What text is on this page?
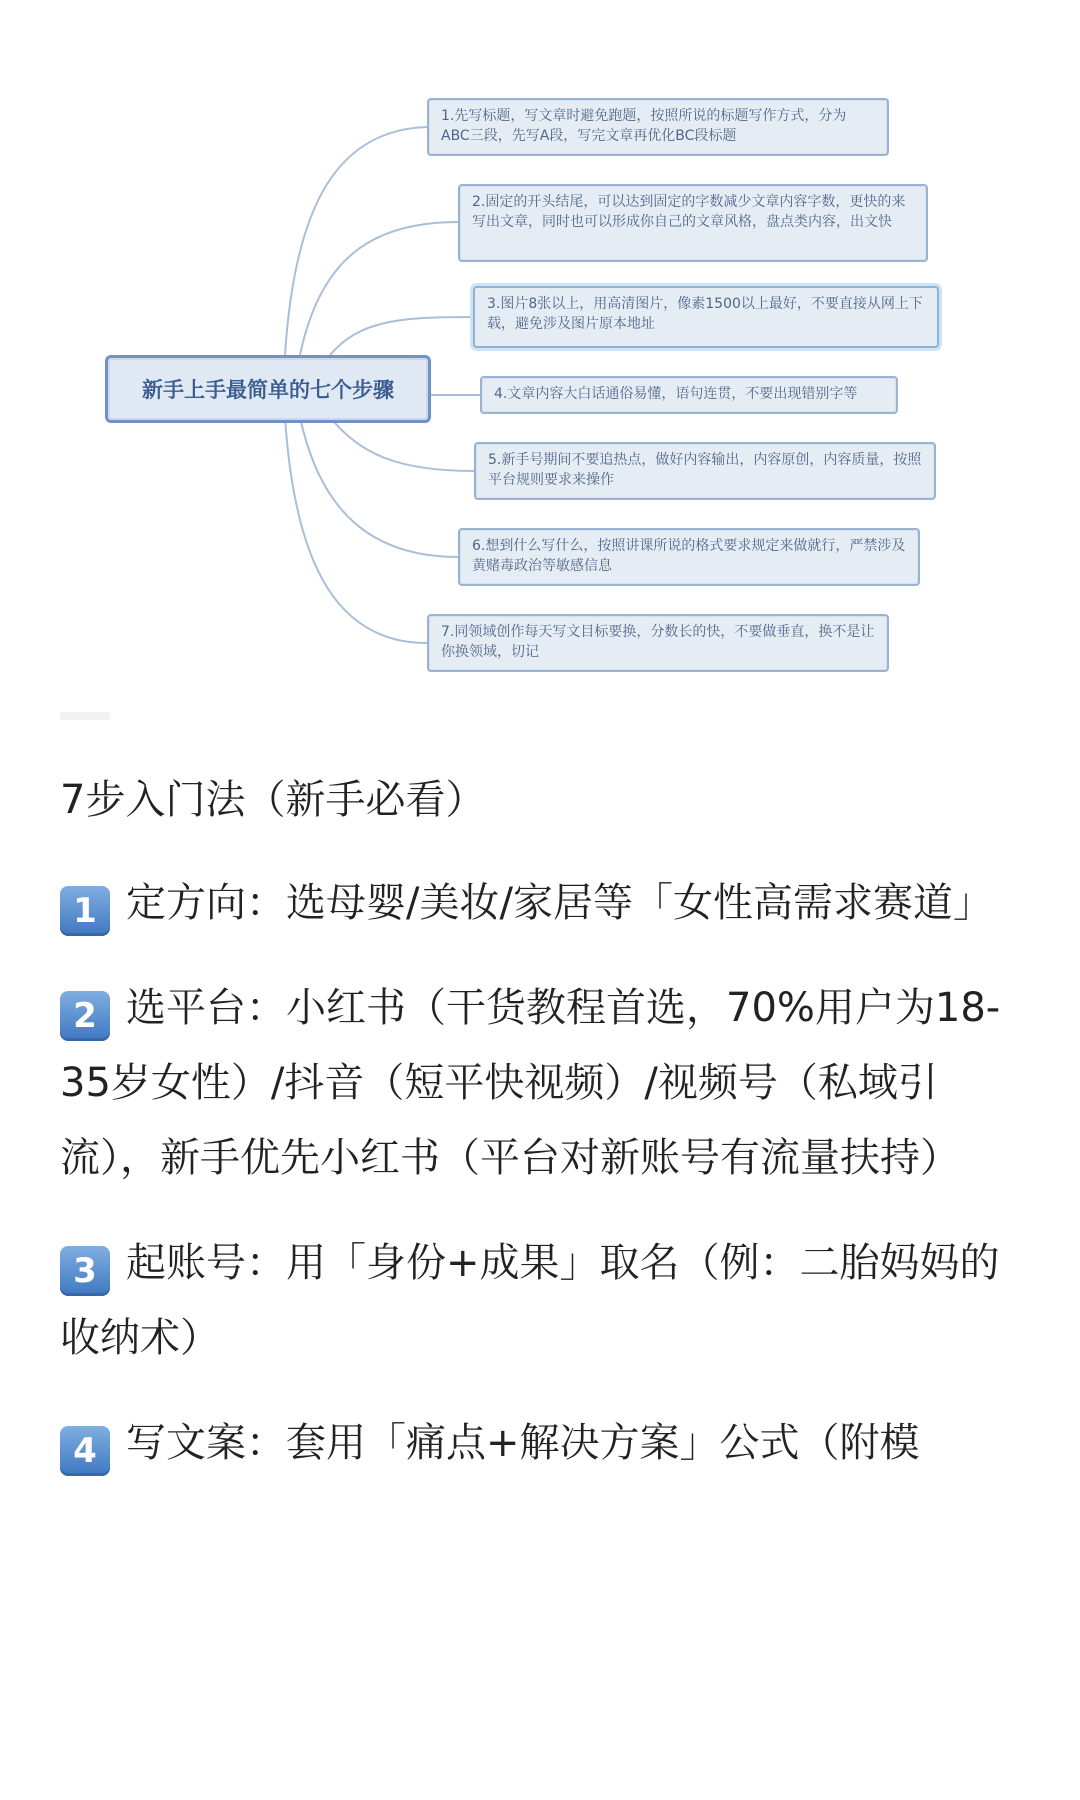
新手上手最简单的七个步骤
1.先写标题，写文章时避免跑题，按照所说的标题写作方式，分为ABC三段，先写A段，写完文章再优化BC段标题
2.固定的开头结尾，可以达到固定的字数减少文章内容字数，更快的来写出文章，同时也可以形成你自己的文章风格，盘点类内容，出文快
3.图片8张以上，用高清图片，像素1500以上最好，不要直接从网上下载，避免涉及图片原本地址
4.文章内容大白话通俗易懂，语句连贯，不要出现错别字等
5.新手号期间不要追热点，做好内容输出，内容原创，内容质量，按照平台规则要求来操作
6.想到什么写什么，按照讲课所说的格式要求规定来做就行，严禁涉及黄赌毒政治等敏感信息
7.同领域创作每天写文目标要换，分数长的快，不要做垂直，换不是让你换领域，切记
7步入门法（新手必看）
1 定方向：选母婴/美妆/家居等「女性高需求赛道」
2 选平台：小红书（干货教程首选，70%用户为18-35岁女性）/抖音（短平快视频）/视频号（私域引流），新手优先小红书（平台对新账号有流量扶持）
3 起账号：用「身份+成果」取名（例：二胎妈妈的收纳术）
4 写文案：套用「痛点+解决方案」公式（附模
